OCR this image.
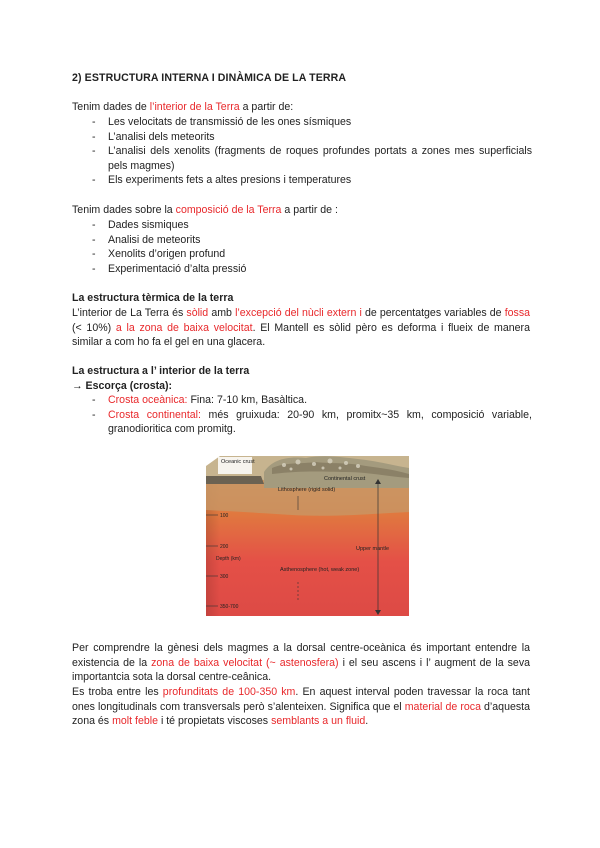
2) ESTRUCTURA INTERNA I DINÀMICA DE LA TERRA
Tenim dades de l’interior de la Terra a partir de:
- Les velocitats de transmissió de les ones sísmiques
- L’analisi dels meteorits
- L’analisi dels xenolits (fragments de roques profundes portats a zones mes superficials pels magmes)
- Els experiments fets a altes presions i temperatures
Tenim dades sobre la composició de la Terra a partir de :
- Dades sismiques
- Analisi de meteorits
- Xenolits d’origen profund
- Experimentació d’alta pressió
La estructura tèrmica de la terra
L’interior de La Terra és sòlid amb l’excepció del nùcli extern i de percentatges variables de fossa (< 10%) a la zona de baixa velocitat. El Mantell es sòlid pèro es deforma i flueix de manera similar a com ho fa el gel en una glacera.
La estructura a l’ interior de la terra
→ Escorça (crosta):
- Crosta oceànica: Fina: 7-10 km, Basàltica.
- Crosta continental: més gruixuda: 20-90 km, promitx~35 km, composició variable, granodioritica com promitg.
Oceanic crust
Continental crust
Lithosphere (rigid solid)
100
200
300
350-700
Depth (km)
Asthenosphere (hot, weak zone)
Upper mantle
Per comprendre la gènesi dels magmes a la dorsal centre-oceànica és important entendre la existencia de la zona de baixa velocitat (~ astenosfera) i el seu ascens i l’ augment de la seva importantcia sota la dorsal centre-ceânica.
Es troba entre les profunditats de 100-350 km. En aquest interval poden travessar la roca tant ones longitudinals com transversals però s’alenteixen. Significa que el material de roca d’aquesta zona és molt feble i té propietats viscoses semblants a un fluid.
